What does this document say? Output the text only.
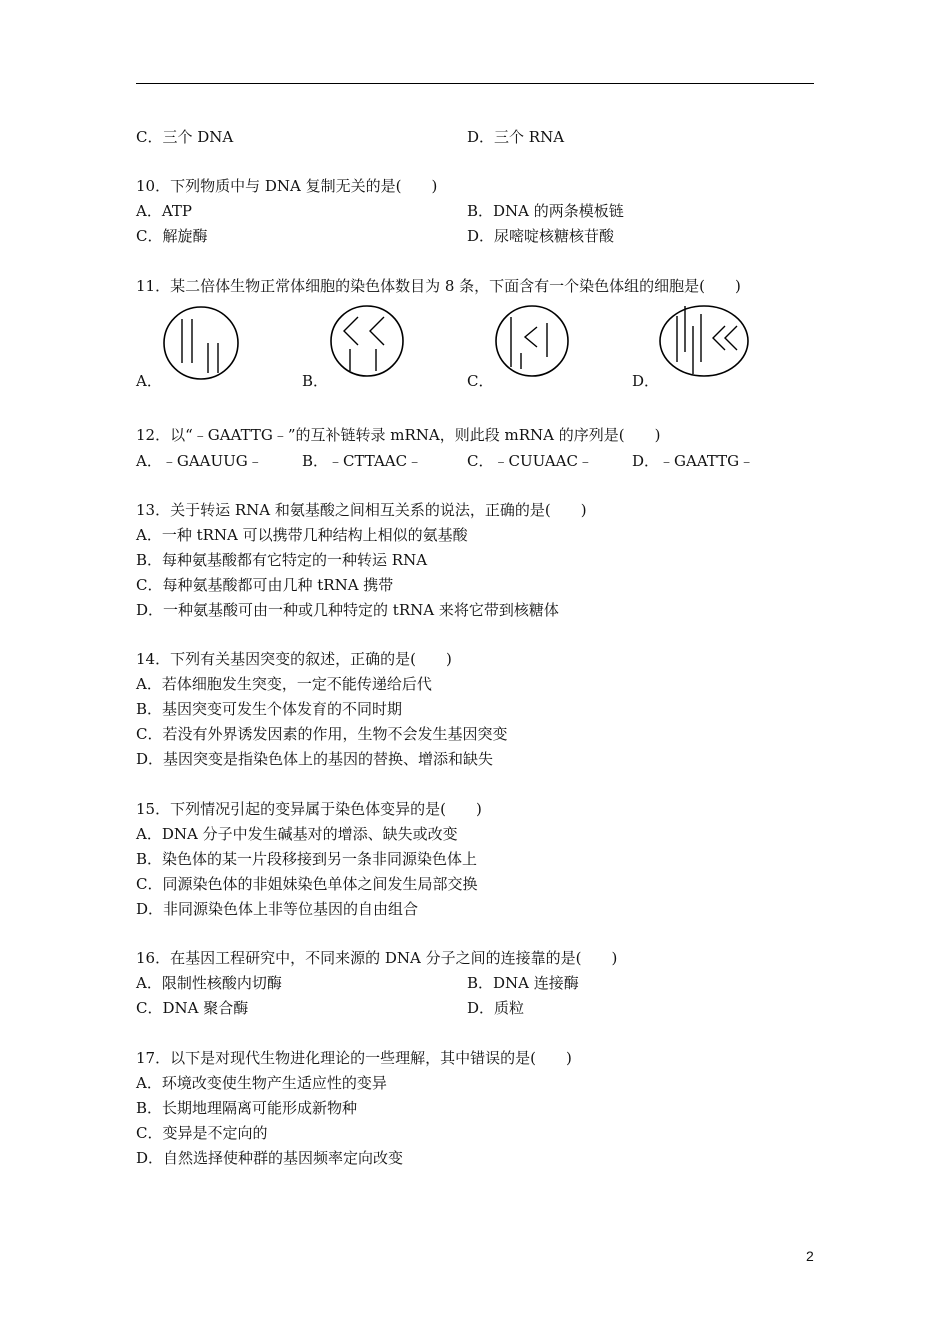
C．三个 DNA	D．三个 RNA
10．下列物质中与 DNA 复制无关的是(　　)
A．ATP	B．DNA 的两条模板链
C．解旋酶	D．尿嘧啶核糖核苷酸
11．某二倍体生物正常体细胞的染色体数目为 8 条，下面含有一个染色体组的细胞是(　　)
A．	B．	C．	D．
12．以“﹣GAATTG﹣”的互补链转录 mRNA，则此段 mRNA 的序列是(　　)
A．﹣GAAUUG﹣	B．﹣CTTAAC﹣	C．﹣CUUAAC﹣	D．﹣GAATTG﹣
13．关于转运 RNA 和氨基酸之间相互关系的说法，正确的是(　　)
A．一种 tRNA 可以携带几种结构上相似的氨基酸
B．每种氨基酸都有它特定的一种转运 RNA
C．每种氨基酸都可由几种 tRNA 携带
D．一种氨基酸可由一种或几种特定的 tRNA 来将它带到核糖体
14．下列有关基因突变的叙述，正确的是(　　)
A．若体细胞发生突变，一定不能传递给后代
B．基因突变可发生个体发育的不同时期
C．若没有外界诱发因素的作用，生物不会发生基因突变
D．基因突变是指染色体上的基因的替换、增添和缺失
15．下列情况引起的变异属于染色体变异的是(　　)
A．DNA 分子中发生碱基对的增添、缺失或改变
B．染色体的某一片段移接到另一条非同源染色体上
C．同源染色体的非姐妹染色单体之间发生局部交换
D．非同源染色体上非等位基因的自由组合
16．在基因工程研究中，不同来源的 DNA 分子之间的连接靠的是(　　)
A．限制性核酸内切酶	B．DNA 连接酶
C．DNA 聚合酶	D．质粒
17．以下是对现代生物进化理论的一些理解，其中错误的是(　　)
A．环境改变使生物产生适应性的变异
B．长期地理隔离可能形成新物种
C．变异是不定向的
D．自然选择使种群的基因频率定向改变
2
